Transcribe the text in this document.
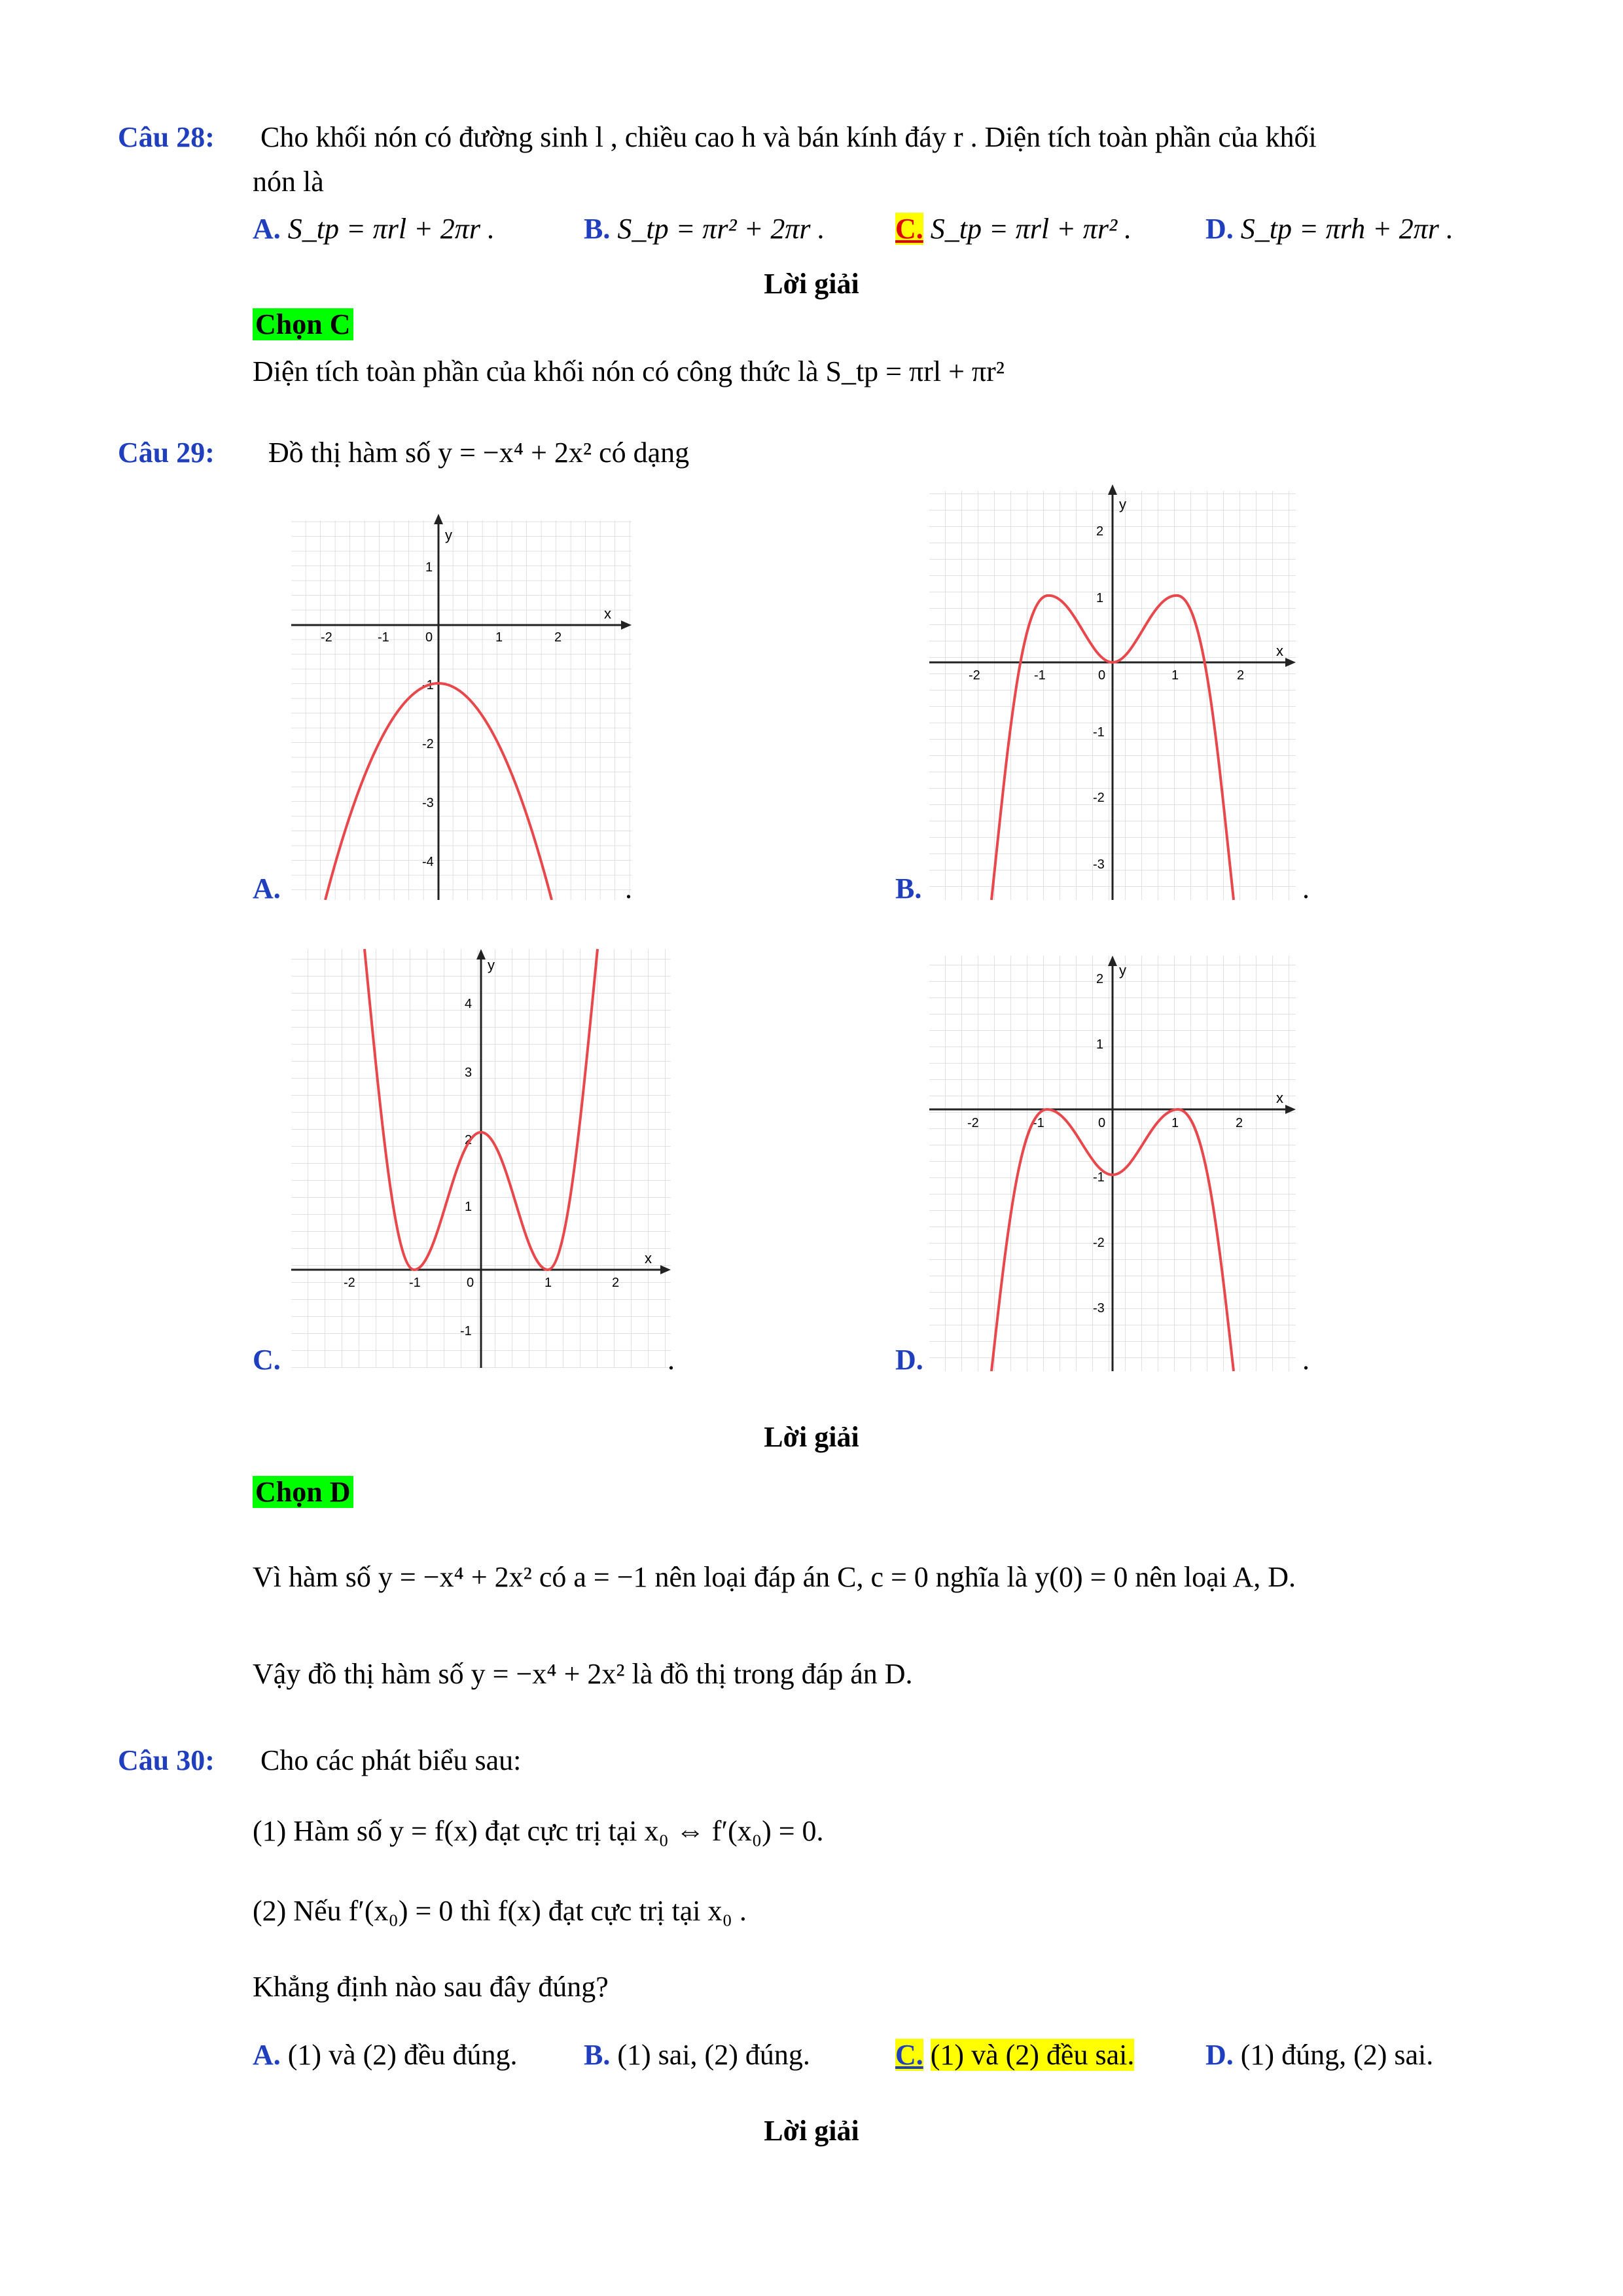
Câu 28: Cho khối nón có đường sinh l , chiều cao h và bán kính đáy r . Diện tích toàn phần của khối
nón là
A. S_tp = πrl + 2πr .	B. S_tp = πr² + 2πr . C. S_tp = πrl + πr² .	D. S_tp = πrh + 2πr .
Lời giải
Chọn C
Diện tích toàn phần của khối nón có công thức là S_tp = πrl + πr²
Câu 29: Đồ thị hàm số y = −x⁴ + 2x² có dạng
x
y
-2	-1	0	1	2
1
-1
-2
-3
-4
A.	.
x
y
-2	-1	0	1	2
2
1
-1
-2
-3
B.	.
x
y
-2	-1	0	1	2
4
3
2
1
-1
C.	.
x
y
-2	-1	0	1	2
2
1
-1
-2
-3
D.	.
Lời giải
Chọn D
Vì hàm số y = −x⁴ + 2x² có a = −1 nên loại đáp án C, c = 0 nghĩa là y(0) = 0 nên loại A, D.
Vậy đồ thị hàm số y = −x⁴ + 2x² là đồ thị trong đáp án D.
Câu 30: Cho các phát biểu sau:
(1) Hàm số y = f(x) đạt cực trị tại x₀ ⇔ f′(x₀) = 0.
(2) Nếu f′(x₀) = 0 thì f(x) đạt cực trị tại x₀ .
Khẳng định nào sau đây đúng?
A. (1) và (2) đều đúng. B. (1) sai, (2) đúng.	C. (1) và (2) đều sai. D. (1) đúng, (2) sai.
Lời giải
